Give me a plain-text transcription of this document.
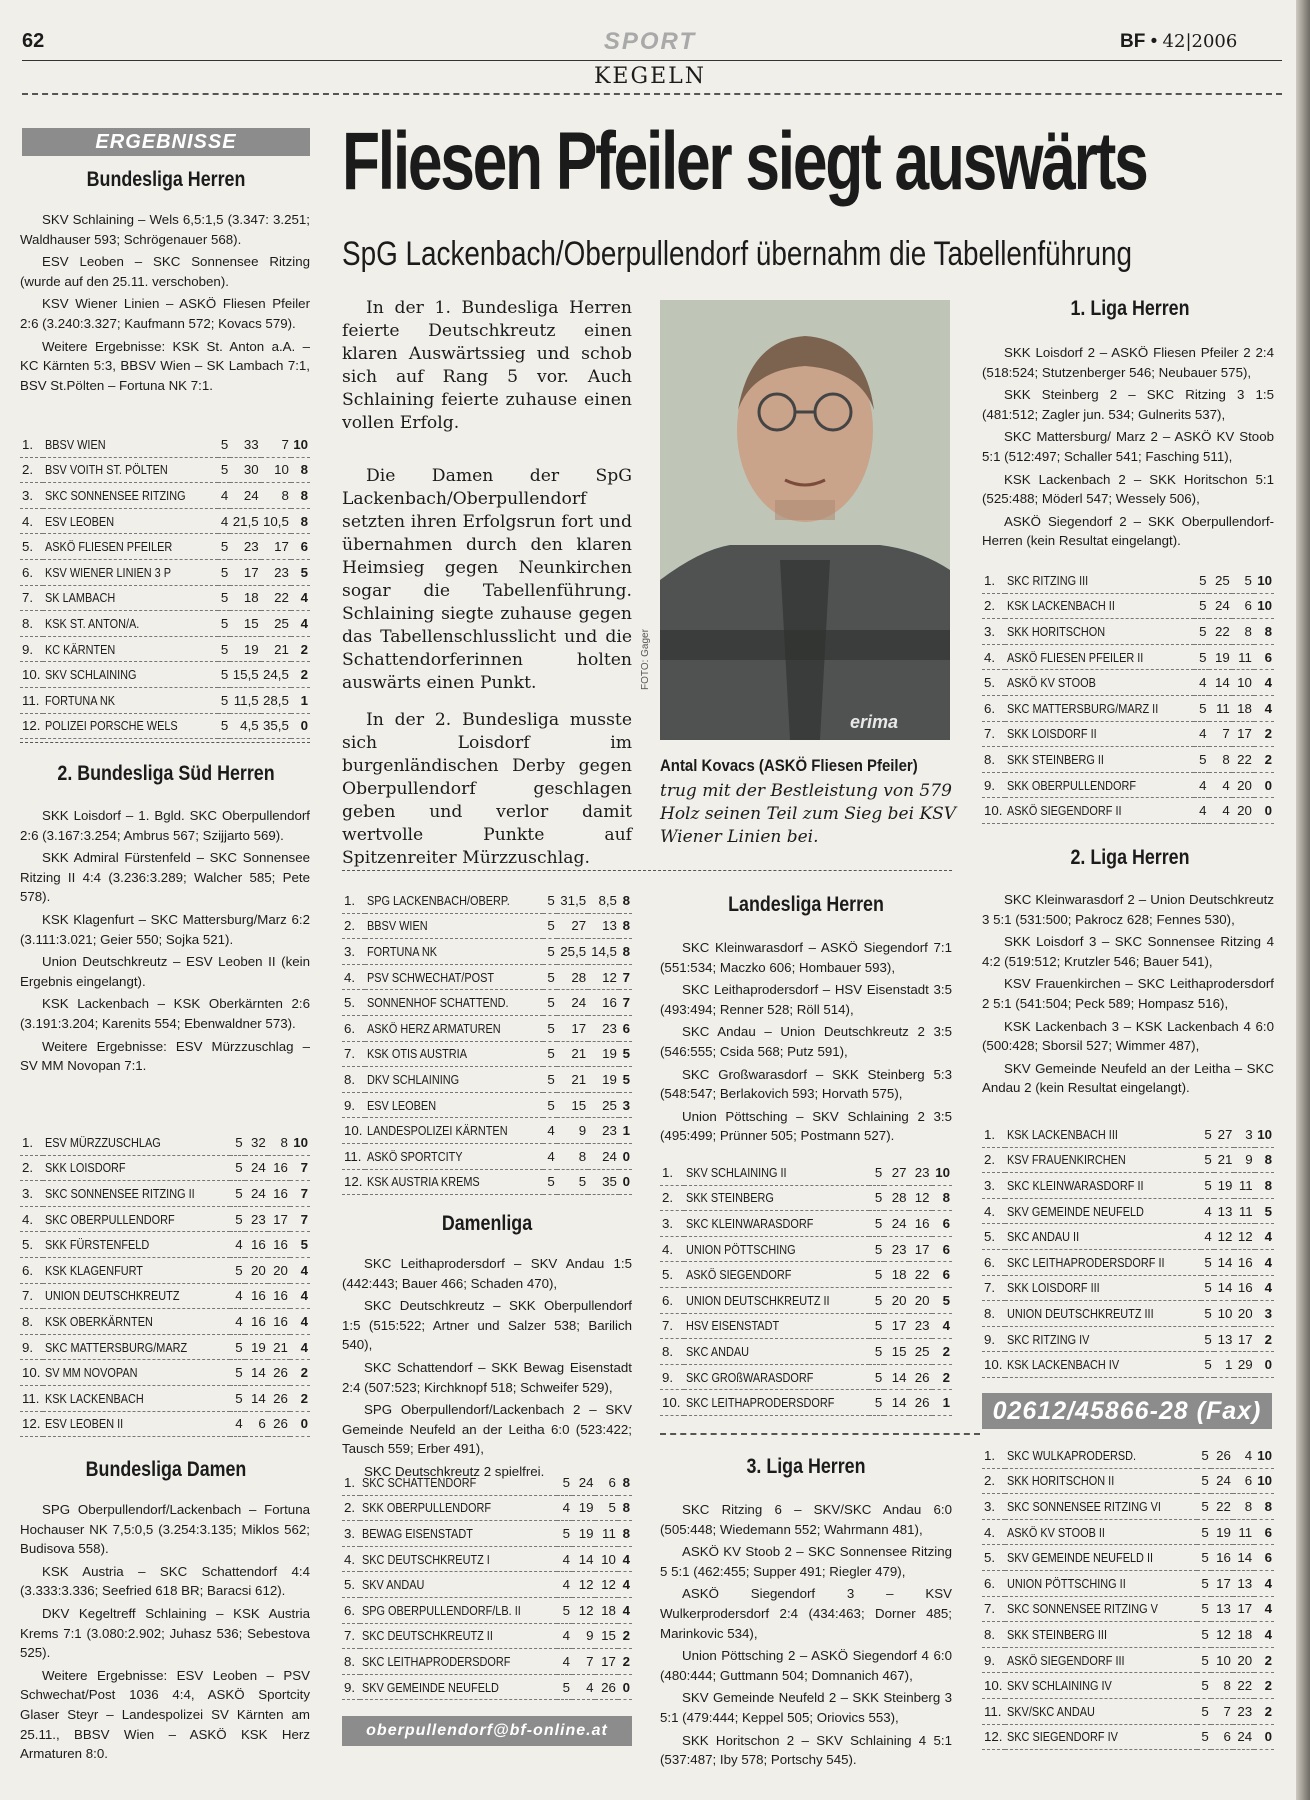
62	SPORT	BF • 42|2006
KEGELN
ERGEBNISSE
Bundesliga Herren

SKV Schlaining – Wels 6,5:1,5 (3.347: 3.251; Waldhauser 593; Schrögenauer 568).

ESV Leoben – SKC Sonnensee Ritzing (wurde auf den 25.11. verschoben).

KSV Wiener Linien – ASKÖ Fliesen Pfeiler 2:6 (3.240:3.327; Kaufmann 572; Kovacs 579).

Weitere Ergebnisse: KSK St. Anton a.A. – KC Kärnten 5:3, BBSV Wien – SK Lambach 7:1, BSV St.Pölten – Fortuna NK 7:1.

1.	BBSV WIEN	5	33	7	10
2.	BSV VOITH ST. PÖLTEN	5	30	10	8
3.	SKC SONNENSEE RITZING	4	24	8	8
4.	ESV LEOBEN	4	21,5	10,5	8
5.	ASKÖ FLIESEN PFEILER	5	23	17	6
6.	KSV WIENER LINIEN 3 P	5	17	23	5
7.	SK LAMBACH	5	18	22	4
8.	KSK ST. ANTON/A.	5	15	25	4
9.	KC KÄRNTEN	5	19	21	2
10.	SKV SCHLAINING	5	15,5	24,5	2
11.	FORTUNA NK	5	11,5	28,5	1
12.	POLIZEI PORSCHE WELS	5	4,5	35,5	0
2. Bundesliga Süd Herren

SKK Loisdorf – 1. Bgld. SKC Oberpullendorf 2:6 (3.167:3.254; Ambrus 567; Szijjarto 569).

SKK Admiral Fürstenfeld – SKC Sonnensee Ritzing II 4:4 (3.236:3.289; Walcher 585; Pete 578).

KSK Klagenfurt – SKC Mattersburg/Marz 6:2 (3.111:3.021; Geier 550; Sojka 521).

Union Deutschkreutz – ESV Leoben II (kein Ergebnis eingelangt).

KSK Lackenbach – KSK Oberkärnten 2:6 (3.191:3.204; Karenits 554; Ebenwaldner 573).

Weitere Ergebnisse: ESV Mürzzuschlag – SV MM Novopan 7:1.

1.	ESV MÜRZZUSCHLAG	5	32	8	10
2.	SKK LOISDORF	5	24	16	7
3.	SKC SONNENSEE RITZING II	5	24	16	7
4.	SKC OBERPULLENDORF	5	23	17	7
5.	SKK FÜRSTENFELD	4	16	16	5
6.	KSK KLAGENFURT	5	20	20	4
7.	UNION DEUTSCHKREUTZ	4	16	16	4
8.	KSK OBERKÄRNTEN	4	16	16	4
9.	SKC MATTERSBURG/MARZ	5	19	21	4
10.	SV MM NOVOPAN	5	14	26	2
11.	KSK LACKENBACH	5	14	26	2
12.	ESV LEOBEN II	4	6	26	0
Bundesliga Damen

SPG Oberpullendorf/Lackenbach – Fortuna Hochauser NK 7,5:0,5 (3.254:3.135; Miklos 562; Budisova 558).

KSK Austria – SKC Schattendorf 4:4 (3.333:3.336; Seefried 618 BR; Baracsi 612).

DKV Kegeltreff Schlaining – KSK Austria Krems 7:1 (3.080:2.902; Juhasz 536; Sebestova 525).

Weitere Ergebnisse: ESV Leoben – PSV Schwechat/Post 1036 4:4, ASKÖ Sportcity Glaser Steyr – Landespolizei SV Kärnten am 25.11., BBSV Wien – ASKÖ KSK Herz Armaturen 8:0.

Fliesen Pfeiler siegt auswärts
SpG Lackenbach/Oberpullendorf übernahm die Tabellenführung
In der 1. Bundesliga Herren feierte Deutschkreutz einen klaren Auswärtssieg und schob sich auf Rang 5 vor. Auch Schlaining feierte zuhause einen vollen Erfolg.
Die Damen der SpG Lackenbach/Oberpullendorf setzten ihren Erfolgsrun fort und übernahmen durch den klaren Heimsieg gegen Neunkirchen sogar die Tabellenführung. Schlaining siegte zuhause gegen das Tabellenschlusslicht und die Schattendorferinnen holten auswärts einen Punkt.
In der 2. Bundesliga musste sich Loisdorf im burgenländischen Derby gegen Oberpullendorf geschlagen geben und verlor damit wertvolle Punkte auf Spitzenreiter Mürzzuschlag.
erima
FOTO: Gager
Antal Kovacs (ASKÖ Fliesen Pfeiler)
trug mit der Bestleistung von 579 Holz seinen Teil zum Sieg bei KSV Wiener Linien bei.
1. Liga Herren

SKK Loisdorf 2 – ASKÖ Fliesen Pfeiler 2 2:4 (518:524; Stutzenberger 546; Neubauer 575),

SKK Steinberg 2 – SKC Ritzing 3 1:5 (481:512; Zagler jun. 534; Gulnerits 537),

SKC Mattersburg/ Marz 2 – ASKÖ KV Stoob 5:1 (512:497; Schaller 541; Fasching 511),

KSK Lackenbach 2 – SKK Horitschon 5:1 (525:488; Möderl 547; Wessely 506),

ASKÖ Siegendorf 2 – SKK Oberpullendorf-Herren (kein Resultat eingelangt).

1.	SKC RITZING III	5	25	5	10
2.	KSK LACKENBACH II	5	24	6	10
3.	SKK HORITSCHON	5	22	8	8
4.	ASKÖ FLIESEN PFEILER II	5	19	11	6
5.	ASKÖ KV STOOB	4	14	10	4
6.	SKC MATTERSBURG/MARZ II	5	11	18	4
7.	SKK LOISDORF II	4	7	17	2
8.	SKK STEINBERG II	5	8	22	2
9.	SKK OBERPULLENDORF	4	4	20	0
10.	ASKÖ SIEGENDORF II	4	4	20	0
2. Liga Herren

SKC Kleinwarasdorf 2 – Union Deutschkreutz 3 5:1 (531:500; Pakrocz 628; Fennes 530),

SKK Loisdorf 3 – SKC Sonnensee Ritzing 4 4:2 (519:512; Krutzler 546; Bauer 541),

KSV Frauenkirchen – SKC Leithaprodersdorf 2 5:1 (541:504; Peck 589; Hompasz 516),

KSK Lackenbach 3 – KSK Lackenbach 4 6:0 (500:428; Sborsil 527; Wimmer 487),

SKV Gemeinde Neufeld an der Leitha – SKC Andau 2 (kein Resultat eingelangt).

1.	KSK LACKENBACH III	5	27	3	10
2.	KSV FRAUENKIRCHEN	5	21	9	8
3.	SKC KLEINWARASDORF II	5	19	11	8
4.	SKV GEMEINDE NEUFELD	4	13	11	5
5.	SKC ANDAU II	4	12	12	4
6.	SKC LEITHAPRODERSDORF II	5	14	16	4
7.	SKK LOISDORF III	5	14	16	4
8.	UNION DEUTSCHKREUTZ III	5	10	20	3
9.	SKC RITZING IV	5	13	17	2
10.	KSK LACKENBACH IV	5	1	29	0
02612/45866-28 (Fax)
1.	SKC WULKAPRODERSD.	5	26	4	10
2.	SKK HORITSCHON II	5	24	6	10
3.	SKC SONNENSEE RITZING VI	5	22	8	8
4.	ASKÖ KV STOOB II	5	19	11	6
5.	SKV GEMEINDE NEUFELD II	5	16	14	6
6.	UNION PÖTTSCHING II	5	17	13	4
7.	SKC SONNENSEE RITZING V	5	13	17	4
8.	SKK STEINBERG III	5	12	18	4
9.	ASKÖ SIEGENDORF III	5	10	20	2
10.	SKV SCHLAINING IV	5	8	22	2
11.	SKV/SKC ANDAU	5	7	23	2
12.	SKC SIEGENDORF IV	5	6	24	0
1.	SPG LACKENBACH/OBERP.	5	31,5	8,5	8
2.	BBSV WIEN	5	27	13	8
3.	FORTUNA NK	5	25,5	14,5	8
4.	PSV SCHWECHAT/POST	5	28	12	7
5.	SONNENHOF SCHATTEND.	5	24	16	7
6.	ASKÖ HERZ ARMATUREN	5	17	23	6
7.	KSK OTIS AUSTRIA	5	21	19	5
8.	DKV SCHLAINING	5	21	19	5
9.	ESV LEOBEN	5	15	25	3
10.	LANDESPOLIZEI KÄRNTEN	4	9	23	1
11.	ASKÖ SPORTCITY	4	8	24	0
12.	KSK AUSTRIA KREMS	5	5	35	0
Damenliga

SKC Leithaprodersdorf – SKV Andau 1:5 (442:443; Bauer 466; Schaden 470),

SKC Deutschkreutz – SKK Oberpullendorf 1:5 (515:522; Artner und Salzer 538; Barilich 540),

SKC Schattendorf – SKK Bewag Eisenstadt 2:4 (507:523; Kirchknopf 518; Schweifer 529),

SPG Oberpullendorf/Lackenbach 2 – SKV Gemeinde Neufeld an der Leitha 6:0 (523:422; Tausch 559; Erber 491),

SKC Deutschkreutz 2 spielfrei.

1.	SKC SCHATTENDORF	5	24	6	8
2.	SKK OBERPULLENDORF	4	19	5	8
3.	BEWAG EISENSTADT	5	19	11	8
4.	SKC DEUTSCHKREUTZ I	4	14	10	4
5.	SKV ANDAU	4	12	12	4
6.	SPG OBERPULLENDORF/LB. II	5	12	18	4
7.	SKC DEUTSCHKREUTZ II	4	9	15	2
8.	SKC LEITHAPRODERSDORF	4	7	17	2
9.	SKV GEMEINDE NEUFELD	5	4	26	0
oberpullendorf@bf-online.at
Landesliga Herren

SKC Kleinwarasdorf – ASKÖ Siegendorf 7:1 (551:534; Maczko 606; Hombauer 593),

SKC Leithaprodersdorf – HSV Eisenstadt 3:5 (493:494; Renner 528; Röll 514),

SKC Andau – Union Deutschkreutz 2 3:5 (546:555; Csida 568; Putz 591),

SKC Großwarasdorf – SKK Steinberg 5:3 (548:547; Berlakovich 593; Horvath 575),

Union Pöttsching – SKV Schlaining 2 3:5 (495:499; Prünner 505; Postmann 527).

1.	SKV SCHLAINING II	5	27	23	10
2.	SKK STEINBERG	5	28	12	8
3.	SKC KLEINWARASDORF	5	24	16	6
4.	UNION PÖTTSCHING	5	23	17	6
5.	ASKÖ SIEGENDORF	5	18	22	6
6.	UNION DEUTSCHKREUTZ II	5	20	20	5
7.	HSV EISENSTADT	5	17	23	4
8.	SKC ANDAU	5	15	25	2
9.	SKC GROßWARASDORF	5	14	26	2
10.	SKC LEITHAPRODERSDORF	5	14	26	1
3. Liga Herren

SKC Ritzing 6 – SKV/SKC Andau 6:0 (505:448; Wiedemann 552; Wahrmann 481),

ASKÖ KV Stoob 2 – SKC Sonnensee Ritzing 5 5:1 (462:455; Supper 491; Riegler 479),

ASKÖ Siegendorf 3 – KSV Wulkerprodersdorf 2:4 (434:463; Dorner 485; Marinkovic 534),

Union Pöttsching 2 – ASKÖ Siegendorf 4 6:0 (480:444; Guttmann 504; Domnanich 467),

SKV Gemeinde Neufeld 2 – SKK Steinberg 3 5:1 (479:444; Keppel 505; Oriovics 553),

SKK Horitschon 2 – SKV Schlaining 4 5:1 (537:487; Iby 578; Portschy 545).
